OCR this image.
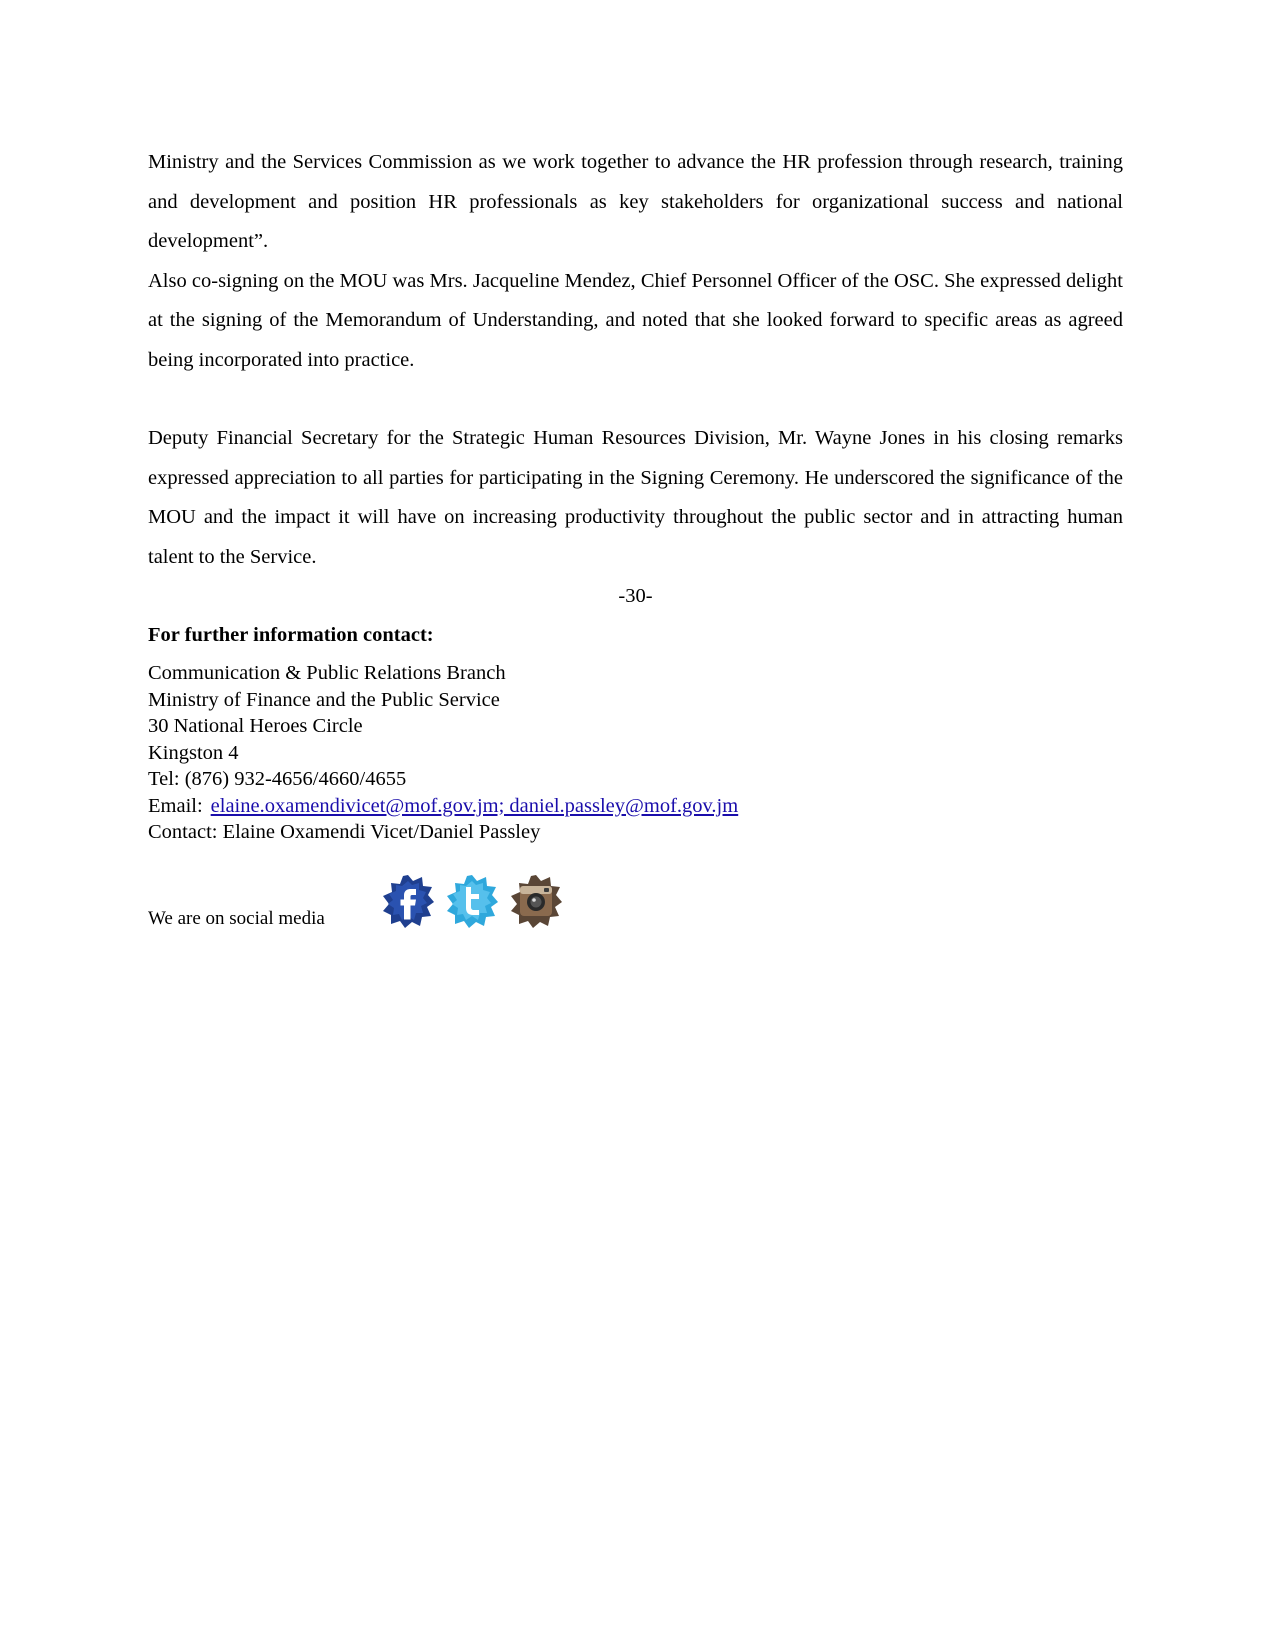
Ministry and the Services Commission as we work together to advance the HR profession through research, training and development and position HR professionals as key stakeholders for organizational success and national development”.

Also co-signing on the MOU was Mrs. Jacqueline Mendez, Chief Personnel Officer of the OSC. She expressed delight at the signing of the Memorandum of Understanding, and noted that she looked forward to specific areas as agreed being incorporated into practice.

Deputy Financial Secretary for the Strategic Human Resources Division, Mr. Wayne Jones in his closing remarks expressed appreciation to all parties for participating in the Signing Ceremony. He underscored the significance of the MOU and the impact it will have on increasing productivity throughout the public sector and in attracting human talent to the Service.

-30-

For further information contact:

Communication & Public Relations Branch
Ministry of Finance and the Public Service
30 National Heroes Circle
Kingston 4
Tel: (876) 932-4656/4660/4655
Email: elaine.oxamendivicet@mof.gov.jm; daniel.passley@mof.gov.jm
Contact: Elaine Oxamendi Vicet/Daniel Passley
We are on social media
